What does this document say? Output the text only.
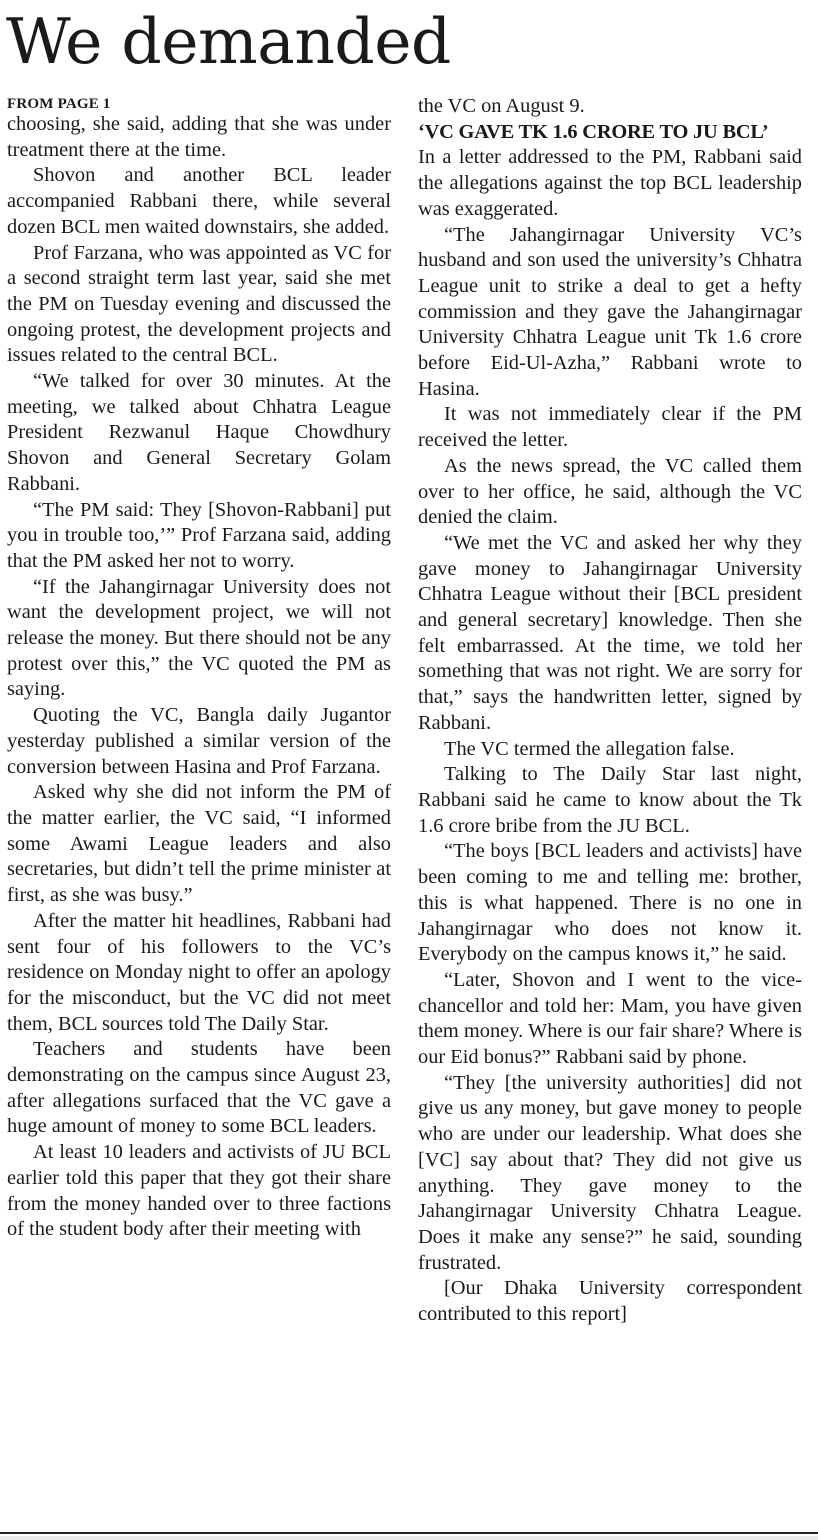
We demanded
FROM PAGE 1

choosing, she said, adding that she was under treatment there at the time.

Shovon and another BCL leader accompanied Rabbani there, while several dozen BCL men waited downstairs, she added.

Prof Farzana, who was appointed as VC for a second straight term last year, said she met the PM on Tuesday evening and discussed the ongoing protest, the development projects and issues related to the central BCL.

“We talked for over 30 minutes. At the meeting, we talked about Chhatra League President Rezwanul Haque Chowdhury Shovon and General Secretary Golam Rabbani.

“The PM said: They [Shovon-Rabbani] put you in trouble too,’” Prof Farzana said, adding that the PM asked her not to worry.

“If the Jahangirnagar University does not want the development project, we will not release the money. But there should not be any protest over this,” the VC quoted the PM as saying.

Quoting the VC, Bangla daily Jugantor yesterday published a similar version of the conversion between Hasina and Prof Farzana.

Asked why she did not inform the PM of the matter earlier, the VC said, “I informed some Awami League leaders and also secretaries, but didn’t tell the prime minister at first, as she was busy.”

After the matter hit headlines, Rabbani had sent four of his followers to the VC’s residence on Monday night to offer an apology for the misconduct, but the VC did not meet them, BCL sources told The Daily Star.

Teachers and students have been demonstrating on the campus since August 23, after allegations surfaced that the VC gave a huge amount of money to some BCL leaders.

At least 10 leaders and activists of JU BCL earlier told this paper that they got their share from the money handed over to three factions of the student body after their meeting with

the VC on August 9.

‘VC GAVE TK 1.6 CRORE TO JU BCL’

In a letter addressed to the PM, Rabbani said the allegations against the top BCL leadership was exaggerated.

“The Jahangirnagar University VC’s husband and son used the university’s Chhatra League unit to strike a deal to get a hefty commission and they gave the Jahangirnagar University Chhatra League unit Tk 1.6 crore before Eid-Ul-Azha,” Rabbani wrote to Hasina.

It was not immediately clear if the PM received the letter.

As the news spread, the VC called them over to her office, he said, although the VC denied the claim.

“We met the VC and asked her why they gave money to Jahangirnagar University Chhatra League without their [BCL president and general secretary] knowledge. Then she felt embarrassed. At the time, we told her something that was not right. We are sorry for that,” says the handwritten letter, signed by Rabbani.

The VC termed the allegation false.

Talking to The Daily Star last night, Rabbani said he came to know about the Tk 1.6 crore bribe from the JU BCL.

“The boys [BCL leaders and activists] have been coming to me and telling me: brother, this is what happened. There is no one in Jahangirnagar who does not know it. Everybody on the campus knows it,” he said.

“Later, Shovon and I went to the vice-chancellor and told her: Mam, you have given them money. Where is our fair share? Where is our Eid bonus?” Rabbani said by phone.

“They [the university authorities] did not give us any money, but gave money to people who are under our leadership. What does she [VC] say about that? They did not give us anything. They gave money to the Jahangirnagar University Chhatra League. Does it make any sense?” he said, sounding frustrated.

[Our Dhaka University correspondent contributed to this report]
